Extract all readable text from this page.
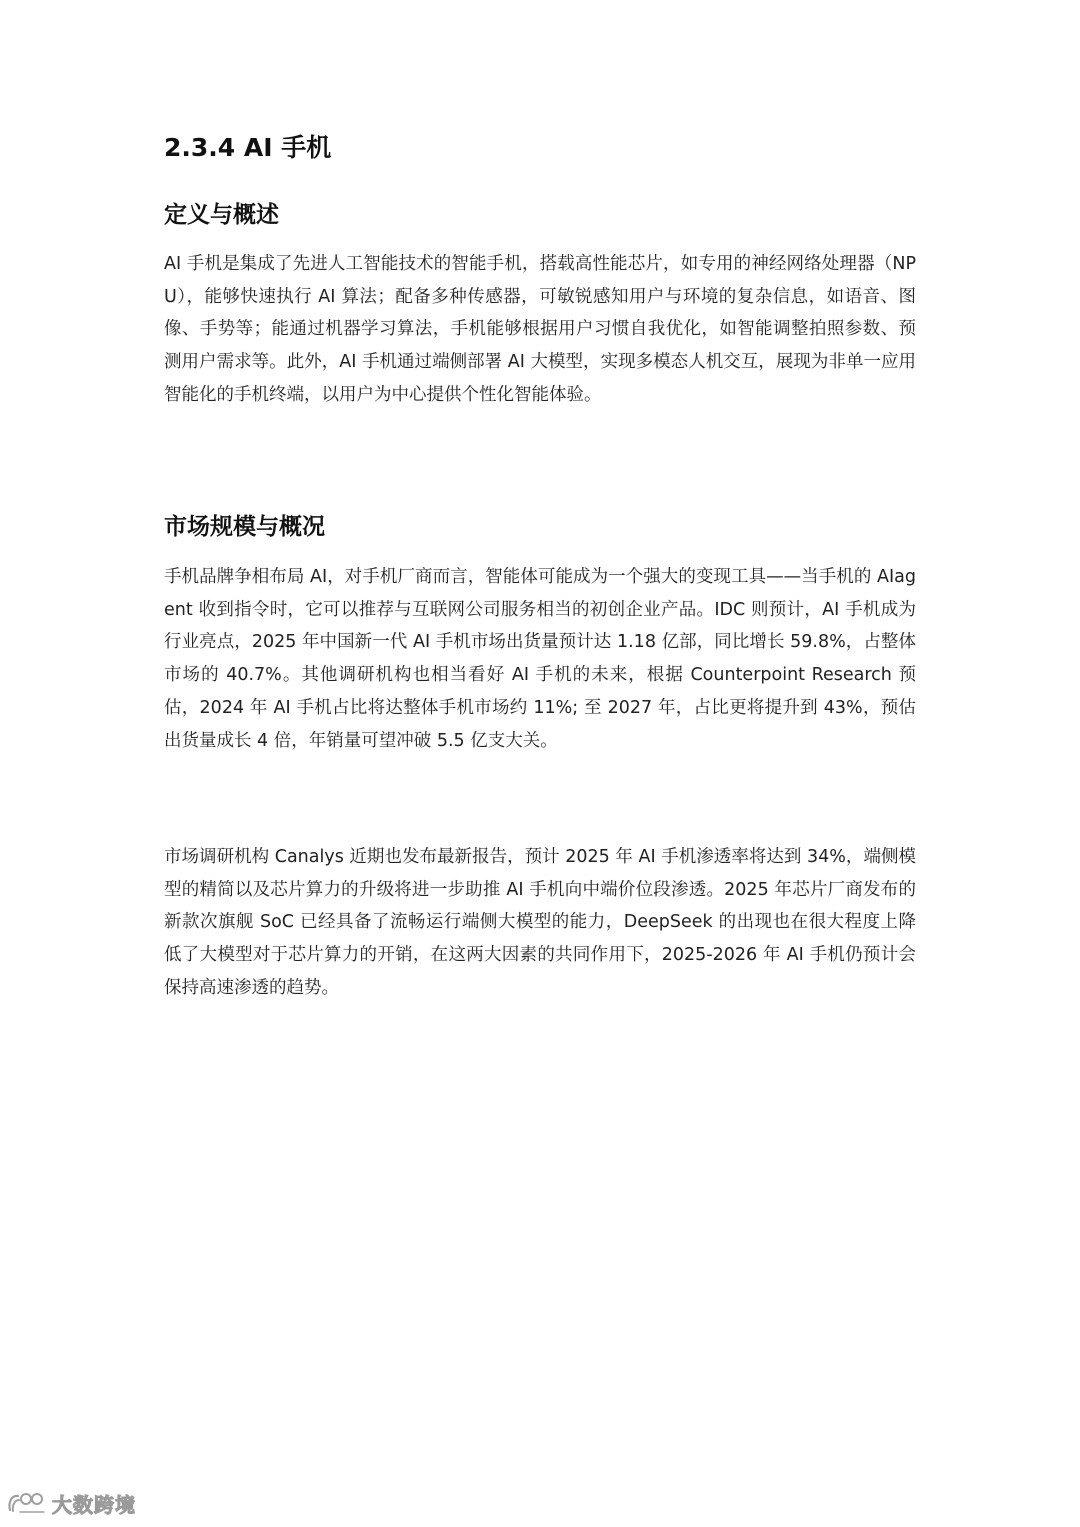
2.3.4 AI 手机
定义与概述

AI 手机是集成了先进人工智能技术的智能手机，搭载高性能芯片，如专用的神经网络处理器（NPU），能够快速执行 AI 算法；配备多种传感器，可敏锐感知用户与环境的复杂信息，如语音、图像、手势等；能通过机器学习算法，手机能够根据用户习惯自我优化，如智能调整拍照参数、预测用户需求等。此外，AI 手机通过端侧部署 AI 大模型，实现多模态人机交互，展现为非单一应用智能化的手机终端，以用户为中心提供个性化智能体验。

市场规模与概况

手机品牌争相布局 AI，对手机厂商而言，智能体可能成为一个强大的变现工具——当手机的 AIagent 收到指令时，它可以推荐与互联网公司服务相当的初创企业产品。IDC 则预计，AI 手机成为行业亮点，2025 年中国新一代 AI 手机市场出货量预计达 1.18 亿部，同比增长 59.8%，占整体市场的 40.7%。其他调研机构也相当看好 AI 手机的未来，根据 Counterpoint Research 预估，2024 年 AI 手机占比将达整体手机市场约 11%; 至 2027 年，占比更将提升到 43%，预估出货量成长 4 倍，年销量可望冲破 5.5 亿支大关。

市场调研机构 Canalys 近期也发布最新报告，预计 2025 年 AI 手机渗透率将达到 34%，端侧模型的精简以及芯片算力的升级将进一步助推 AI 手机向中端价位段渗透。2025 年芯片厂商发布的新款次旗舰 SoC 已经具备了流畅运行端侧大模型的能力，DeepSeek 的出现也在很大程度上降低了大模型对于芯片算力的开销，在这两大因素的共同作用下，2025-2026 年 AI 手机仍预计会保持高速渗透的趋势。

大数跨境
